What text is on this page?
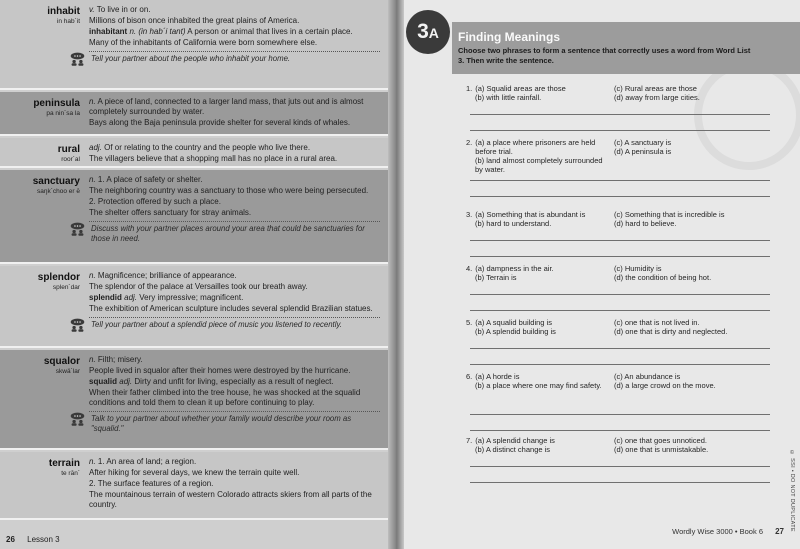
inhabit
in hab´it

v. To live in or on.

Millions of bison once inhabited the great plains of America.

inhabitant n. (in hab´i tant) A person or animal that lives in a certain place.

Many of the inhabitants of California were born somewhere else.

Tell your partner about the people who inhabit your home.
peninsula
pa nin´sa la

n. A piece of land, connected to a larger land mass, that juts out and is almost completely surrounded by water.

Bays along the Baja peninsula provide shelter for several kinds of whales.

rural
roor´al

adj. Of or relating to the country and the people who live there.

The villagers believe that a shopping mall has no place in a rural area.

sanctuary
saŋk´choo er ē

n. 1. A place of safety or shelter.

The neighboring country was a sanctuary to those who were being persecuted.

2. Protection offered by such a place.

The shelter offers sanctuary for stray animals.

Discuss with your partner places around your area that could be sanctuaries for those in need.
splendor
splen´dar

n. Magnificence; brilliance of appearance.

The splendor of the palace at Versailles took our breath away.

splendid adj. Very impressive; magnificent.

The exhibition of American sculpture includes several splendid Brazilian statues.

Tell your partner about a splendid piece of music you listened to recently.
squalor
skwä´lar

n. Filth; misery.

People lived in squalor after their homes were destroyed by the hurricane.

squalid adj. Dirty and unfit for living, especially as a result of neglect.

When their father climbed into the tree house, he was shocked at the squalid conditions and told them to clean it up before continuing to play.

Talk to your partner about whether your family would describe your room as "squalid."
terrain
te rān´

n. 1. An area of land; a region.

After hiking for several days, we knew the terrain quite well.

2. The surface features of a region.

The mountainous terrain of western Colorado attracts skiers from all parts of the country.

26 Lesson 3
3A	Finding Meanings
Choose two phrases to form a sentence that correctly uses a word from Word List 3. Then write the sentence.
1. (a) Squalid areas are those
(b) with little rainfall.
(c) Rural areas are those
(d) away from large cities.
2. (a) a place where prisoners are held before trial.
(b) land almost completely surrounded by water.
(c) A sanctuary is
(d) A peninsula is
3. (a) Something that is abundant is
(b) hard to understand.
(c) Something that is incredible is
(d) hard to believe.
4. (a) dampness in the air.
(b) Terrain is
(c) Humidity is
(d) the condition of being hot.
5. (a) A squalid building is
(b) A splendid building is
(c) one that is not lived in.
(d) one that is dirty and neglected.
6. (a) A horde is
(b) a place where one may find safety.
(c) An abundance is
(d) a large crowd on the move.
7. (a) A splendid change is
(b) A distinct change is
(c) one that goes unnoticed.
(d) one that is unmistakable.
Wordly Wise 3000 • Book 6 27 © SSI • DO NOT DUPLICATE
